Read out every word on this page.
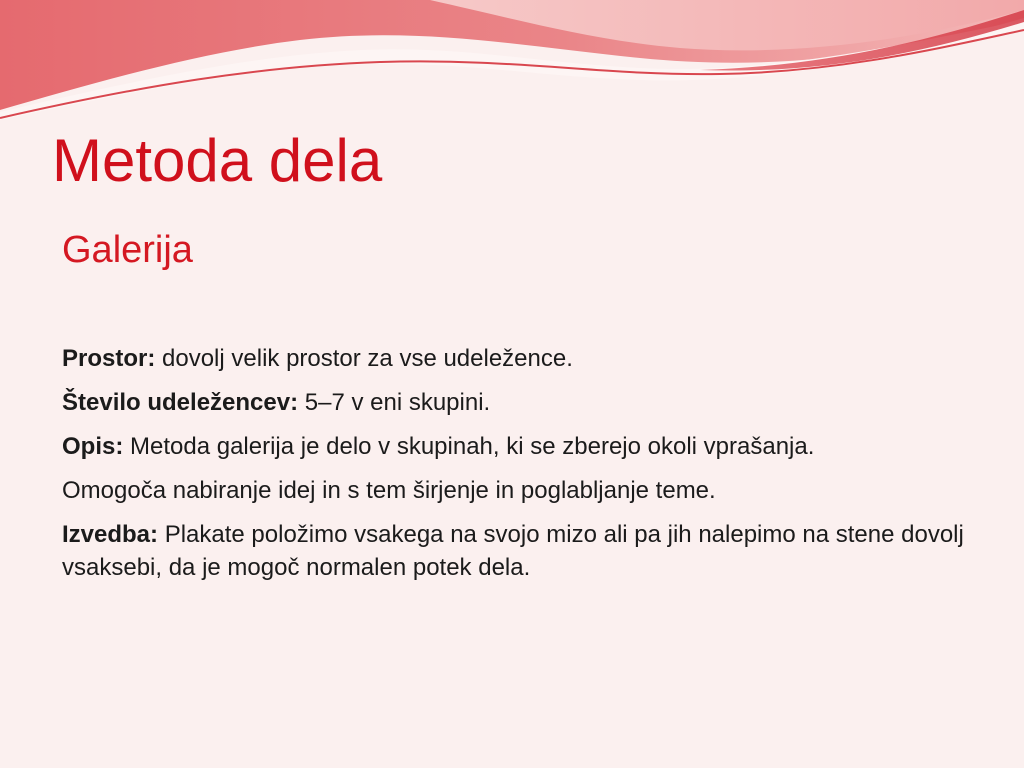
Metoda dela
Galerija

Prostor: dovolj velik prostor za vse udeležence.

Število udeležencev: 5–7 v eni skupini.

Opis: Metoda galerija je delo v skupinah, ki se zberejo okoli vprašanja.

Omogoča nabiranje idej in s tem širjenje in poglabljanje teme.

Izvedba: Plakate položimo vsakega na svojo mizo ali pa jih nalepimo na stene dovolj vsaksebi, da je mogoč normalen potek dela.
